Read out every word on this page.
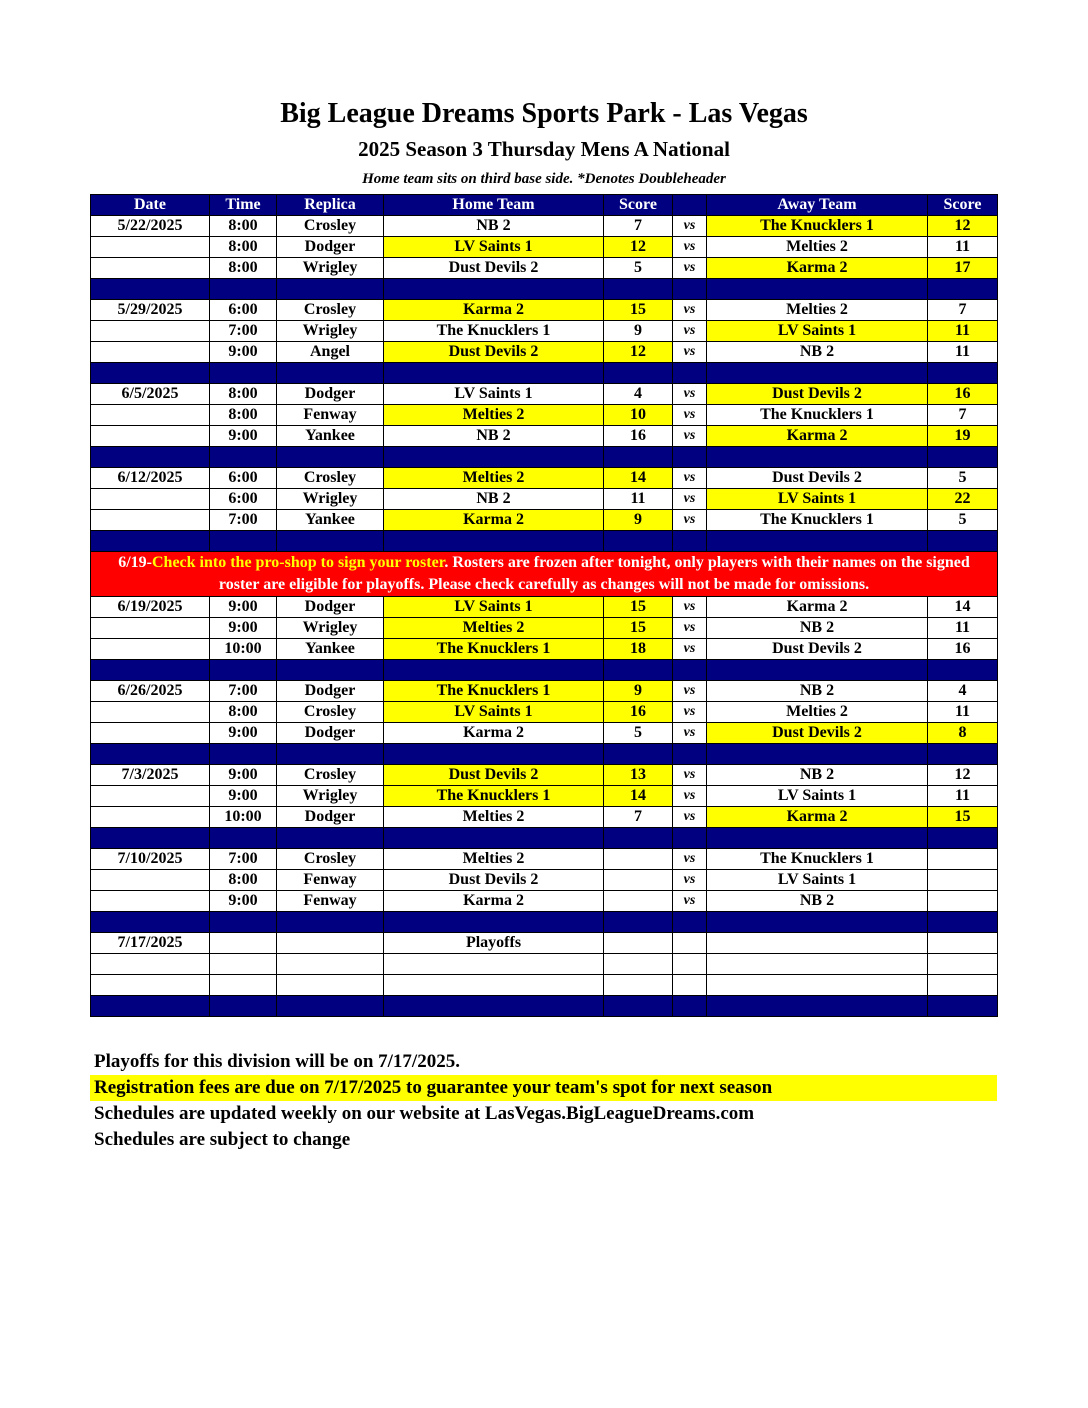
Big League Dreams Sports Park - Las Vegas
2025 Season 3 Thursday Mens A National
Home team sits on third base side. *Denotes Doubleheader
Date	Time	Replica	Home Team	Score		Away Team	Score
5/22/2025	8:00	Crosley	NB 2	7	vs	The Knucklers 1	12
	8:00	Dodger	LV Saints 1	12	vs	Melties 2	11
	8:00	Wrigley	Dust Devils 2	5	vs	Karma 2	17

5/29/2025	6:00	Crosley	Karma 2	15	vs	Melties 2	7
	7:00	Wrigley	The Knucklers 1	9	vs	LV Saints 1	11
	9:00	Angel	Dust Devils 2	12	vs	NB 2	11

6/5/2025	8:00	Dodger	LV Saints 1	4	vs	Dust Devils 2	16
	8:00	Fenway	Melties 2	10	vs	The Knucklers 1	7
	9:00	Yankee	NB 2	16	vs	Karma 2	19

6/12/2025	6:00	Crosley	Melties 2	14	vs	Dust Devils 2	5
	6:00	Wrigley	NB 2	11	vs	LV Saints 1	22
	7:00	Yankee	Karma 2	9	vs	The Knucklers 1	5

6/19-Check into the pro-shop to sign your roster. Rosters are frozen after tonight, only players with their names on the signed roster are eligible for playoffs. Please check carefully as changes will not be made for omissions.							
6/19/2025	9:00	Dodger	LV Saints 1	15	vs	Karma 2	14
	9:00	Wrigley	Melties 2	15	vs	NB 2	11
	10:00	Yankee	The Knucklers 1	18	vs	Dust Devils 2	16

6/26/2025	7:00	Dodger	The Knucklers 1	9	vs	NB 2	4
	8:00	Crosley	LV Saints 1	16	vs	Melties 2	11
	9:00	Dodger	Karma 2	5	vs	Dust Devils 2	8

7/3/2025	9:00	Crosley	Dust Devils 2	13	vs	NB 2	12
	9:00	Wrigley	The Knucklers 1	14	vs	LV Saints 1	11
	10:00	Dodger	Melties 2	7	vs	Karma 2	15

7/10/2025	7:00	Crosley	Melties 2		vs	The Knucklers 1	
	8:00	Fenway	Dust Devils 2		vs	LV Saints 1	
	9:00	Fenway	Karma 2		vs	NB 2	

7/17/2025			Playoffs				

Playoffs for this division will be on 7/17/2025.
Registration fees are due on 7/17/2025 to guarantee your team's spot for next season
Schedules are updated weekly on our website at LasVegas.BigLeagueDreams.com
Schedules are subject to change
